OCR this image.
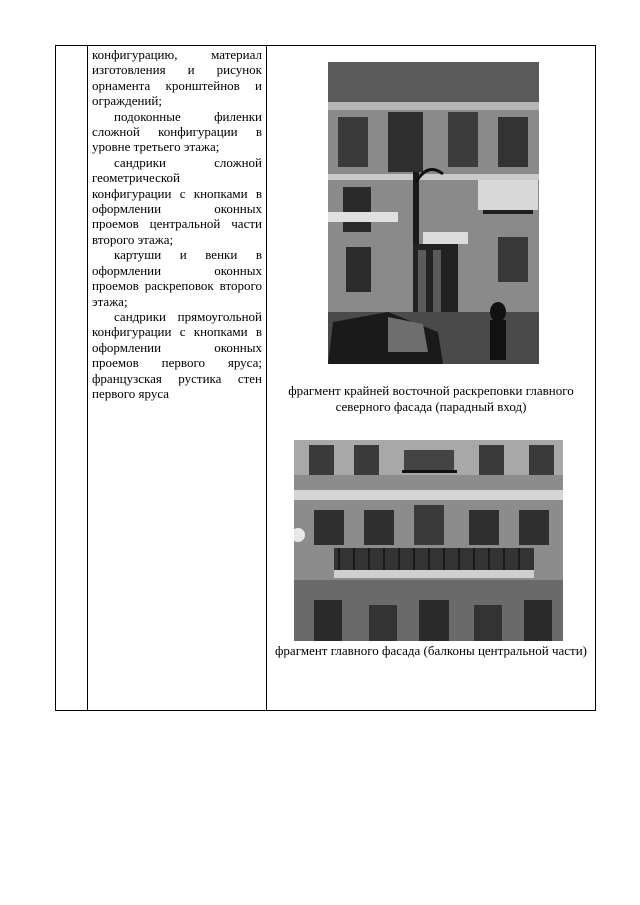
конфигурацию, материал изготовления и рисунок орнамента кронштейнов и ограждений;

подоконные филенки сложной конфигурации в уровне третьего этажа;

сандрики сложной геометрической конфигурации с кнопками в оформлении оконных проемов центральной части второго этажа;

картуши и венки в оформлении оконных проемов раскреповок второго этажа;

сандрики прямоугольной конфигурации с кнопками в оформлении оконных проемов первого яруса; французская рустика стен первого яруса	фрагмент крайней восточной раскреповки главного северного фасада (парадный вход)
фрагмент главного фасада (балконы центральной части)
